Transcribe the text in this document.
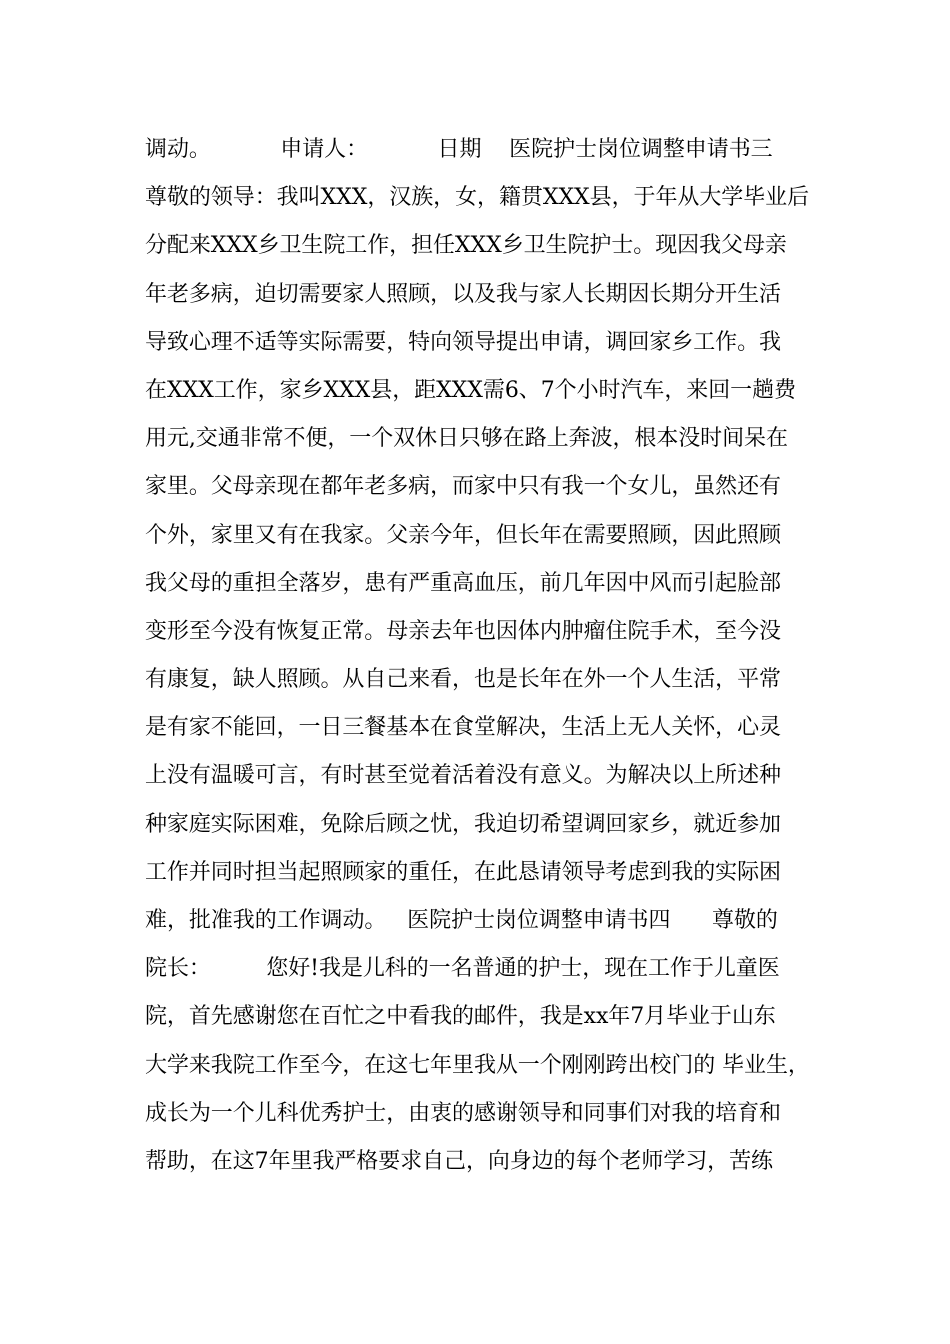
调动。          申请人：          日期    医院护士岗位调整申请书三
尊敬的领导：我叫XXX，汉族，女，籍贯XXX县，于年从大学毕业后
分配来XXX乡卫生院工作，担任XXX乡卫生院护士。现因我父母亲
年老多病，迫切需要家人照顾，以及我与家人长期因长期分开生活
导致心理不适等实际需要，特向领导提出申请，调回家乡工作。我
在XXX工作，家乡XXX县，距XXX需6、7个小时汽车，来回一趟费
用元,交通非常不便，一个双休日只够在路上奔波，根本没时间呆在
家里。父母亲现在都年老多病，而家中只有我一个女儿，虽然还有
个外，家里又有在我家。父亲今年，但长年在需要照顾，因此照顾
我父母的重担全落岁，患有严重高血压，前几年因中风而引起脸部
变形至今没有恢复正常。母亲去年也因体内肿瘤住院手术，至今没
有康复，缺人照顾。从自己来看，也是长年在外一个人生活，平常
是有家不能回，一日三餐基本在食堂解决，生活上无人关怀，心灵
上没有温暖可言，有时甚至觉着活着没有意义。为解决以上所述种
种家庭实际困难，免除后顾之忧，我迫切希望调回家乡，就近参加
工作并同时担当起照顾家的重任，在此恳请领导考虑到我的实际困
难，批准我的工作调动。   医院护士岗位调整申请书四      尊敬的
院长：        您好!我是儿科的一名普通的护士，现在工作于儿童医
院，首先感谢您在百忙之中看我的邮件，我是xx年7月毕业于山东
大学来我院工作至今，在这七年里我从一个刚刚跨出校门的 毕业生，
成长为一个儿科优秀护士，由衷的感谢领导和同事们对我的培育和
帮助，在这7年里我严格要求自己，向身边的每个老师学习，苦练
